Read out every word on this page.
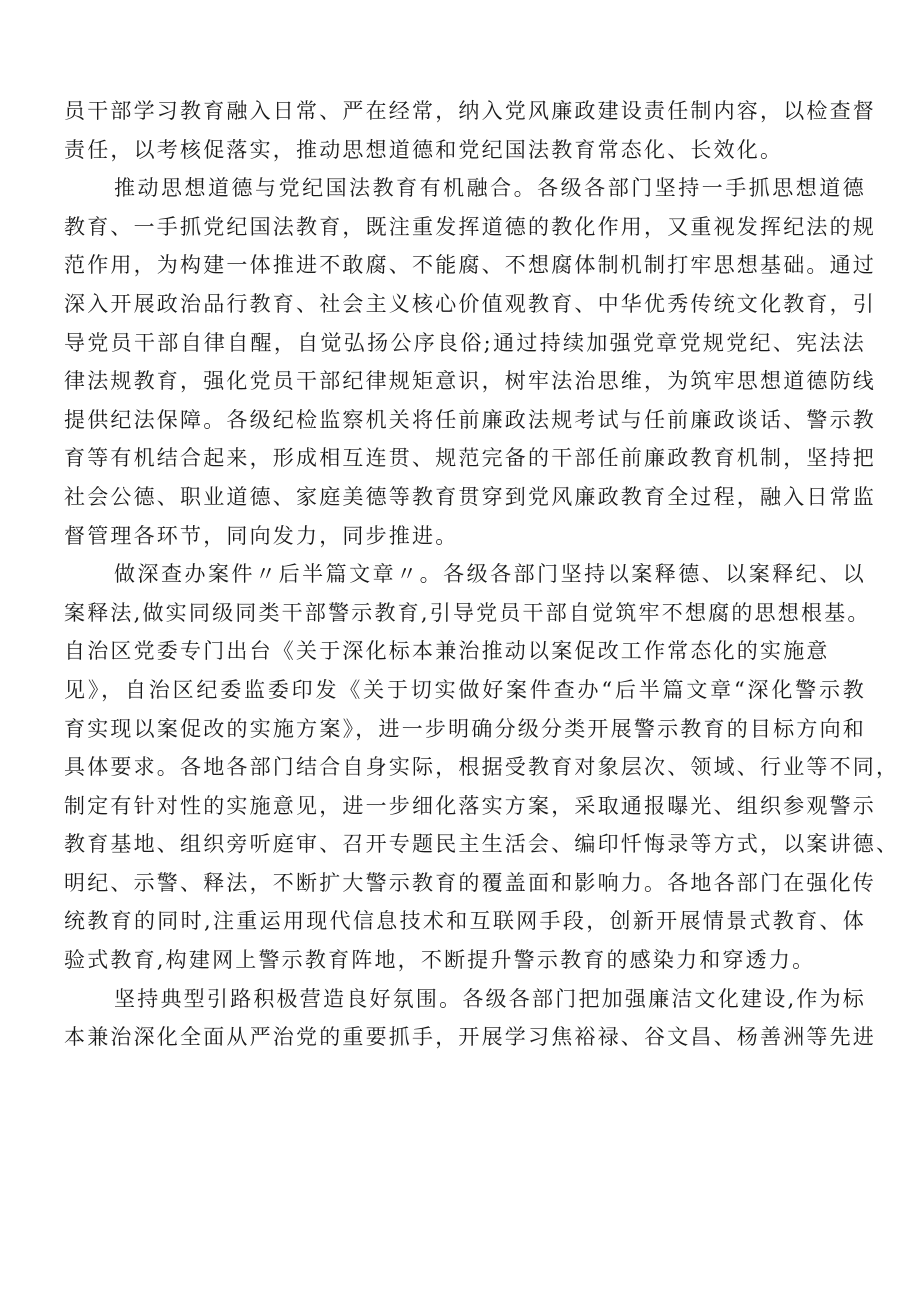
员干部学习教育融入日常、严在经常，纳入党风廉政建设责任制内容，以检查督
责任，以考核促落实，推动思想道德和党纪国法教育常态化、长效化。
推动思想道德与党纪国法教育有机融合。各级各部门坚持一手抓思想道德
教育、一手抓党纪国法教育，既注重发挥道德的教化作用，又重视发挥纪法的规
范作用，为构建一体推进不敢腐、不能腐、不想腐体制机制打牢思想基础。通过
深入开展政治品行教育、社会主义核心价值观教育、中华优秀传统文化教育，引
导党员干部自律自醒，自觉弘扬公序良俗;通过持续加强党章党规党纪、宪法法
律法规教育，强化党员干部纪律规矩意识，树牢法治思维，为筑牢思想道德防线
提供纪法保障。各级纪检监察机关将任前廉政法规考试与任前廉政谈话、警示教
育等有机结合起来，形成相互连贯、规范完备的干部任前廉政教育机制，坚持把
社会公德、职业道德、家庭美德等教育贯穿到党风廉政教育全过程，融入日常监
督管理各环节，同向发力，同步推进。
做深查办案件〃后半篇文章〃。各级各部门坚持以案释德、以案释纪、以
案释法,做实同级同类干部警示教育,引导党员干部自觉筑牢不想腐的思想根基。
自治区党委专门出台《关于深化标本兼治推动以案促改工作常态化的实施意
见》，自治区纪委监委印发《关于切实做好案件查办“后半篇文章“深化警示教
育实现以案促改的实施方案》，进一步明确分级分类开展警示教育的目标方向和
具体要求。各地各部门结合自身实际，根据受教育对象层次、领域、行业等不同，
制定有针对性的实施意见，进一步细化落实方案，采取通报曝光、组织参观警示
教育基地、组织旁听庭审、召开专题民主生活会、编印忏悔录等方式，以案讲德、
明纪、示警、释法，不断扩大警示教育的覆盖面和影响力。各地各部门在强化传
统教育的同时,注重运用现代信息技术和互联网手段，创新开展情景式教育、体
验式教育,构建网上警示教育阵地，不断提升警示教育的感染力和穿透力。
坚持典型引路积极营造良好氛围。各级各部门把加强廉洁文化建设,作为标
本兼治深化全面从严治党的重要抓手，开展学习焦裕禄、谷文昌、杨善洲等先进
